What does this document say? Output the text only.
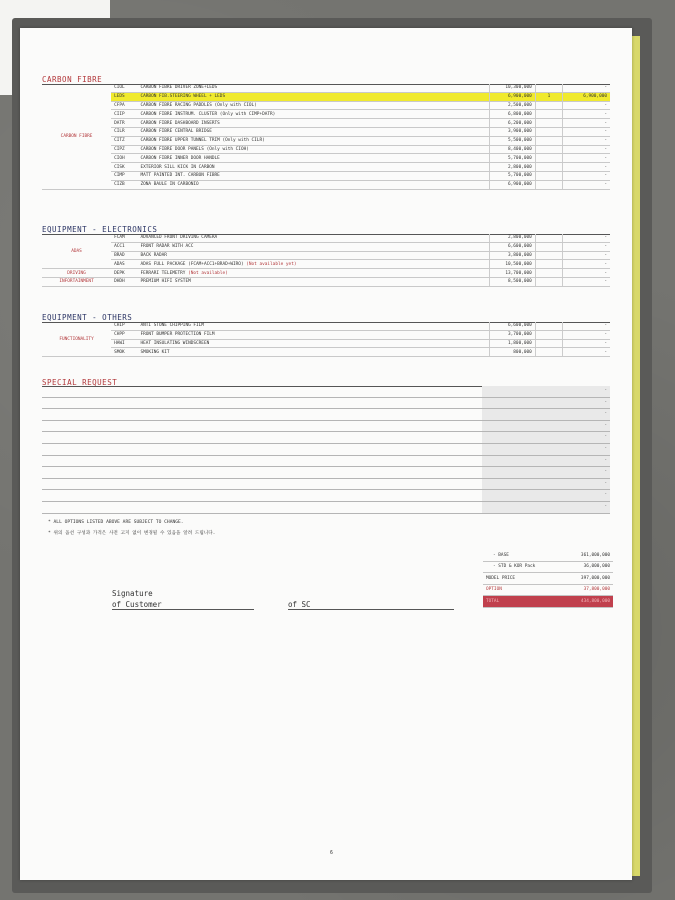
CARBON FIBRE
CARBON FIBRE	CIOL	CARBON FIBRE DRIVER ZONE+LEDS	10,300,000		-
	LEDS	CARBON FIB.STEERING WHEEL + LEDS	6,900,000	1	6,900,000
	CFPA	CARBON FIBRE RACING PADDLES (Only with CIOL)	2,500,000		-
	CIIP	CARBON FIBRE INSTRUM. CLUSTER (Only with CIMP+DATR)	6,800,000		-
	DATR	CARBON FIBRE DASHBOARD INSERTS	6,200,000		-
	CILR	CARBON FIBRE CENTRAL BRIDGE	3,900,000		-
	CITZ	CARBON FIBRE UPPER TUNNEL TRIM (Only with CILR)	5,500,000		-
	CIPZ	CARBON FIBRE DOOR PANELS (Only with CIOH)	8,400,000		-
	CIOH	CARBON FIBRE INNER DOOR HANDLE	5,700,000		-
	CISK	EXTERIOR SILL KICK IN CARBON	2,800,000		-
	CIMP	MATT PAINTED INT. CARBON FIBRE	5,700,000		-
	CIZB	ZONA BAULE IN CARBONIO	6,900,000		-
EQUIPMENT - ELECTRONICS
ADAS	FCAM	ADVANCED FRONT DRIVING CAMERA	2,800,000		-
	ACC1	FRONT RADAR WITH ACC	6,600,000		-
	BRAD	BACK RADAR	3,800,000		-
	ADAS	ADAS FULL PACKAGE (FCAM+ACC1+BRAD+WIRO) (Not available yet)	10,500,000		-
DRIVING	DEPK	FERRARI TELEMETRY (Not available)	13,700,000		-
INFORTAINMENT	DHDH	PREMIUM HIFI SYSTEM	8,500,000		-
EQUIPMENT - OTHERS
FUNCTIONALITY	CHIP	ANTI STONE CHIPPING FILM	6,600,000		-
	CHPP	FRONT BUMPER PROTECTION FILM	3,700,000		-
	HAWI	HEAT INSULATING WINDSCREEN	1,800,000		-
	SMOK	SMOKING KIT	800,000		-
SPECIAL REQUEST
-
-
-
-
-
-
-
-
-
-
-
* ALL OPTIONS LISTED ABOVE ARE SUBJECT TO CHANGE.
* 위의 옵션 구성과 가격은 사전 고지 없이 변경될 수 있음을 알려 드립니다.
Signature
of Customer	of SC
- BASE	361,000,000
- STD & KOR Pack	36,000,000
MODEL PRICE	397,000,000
OPTION	37,800,000
TOTAL	434,800,000
6
